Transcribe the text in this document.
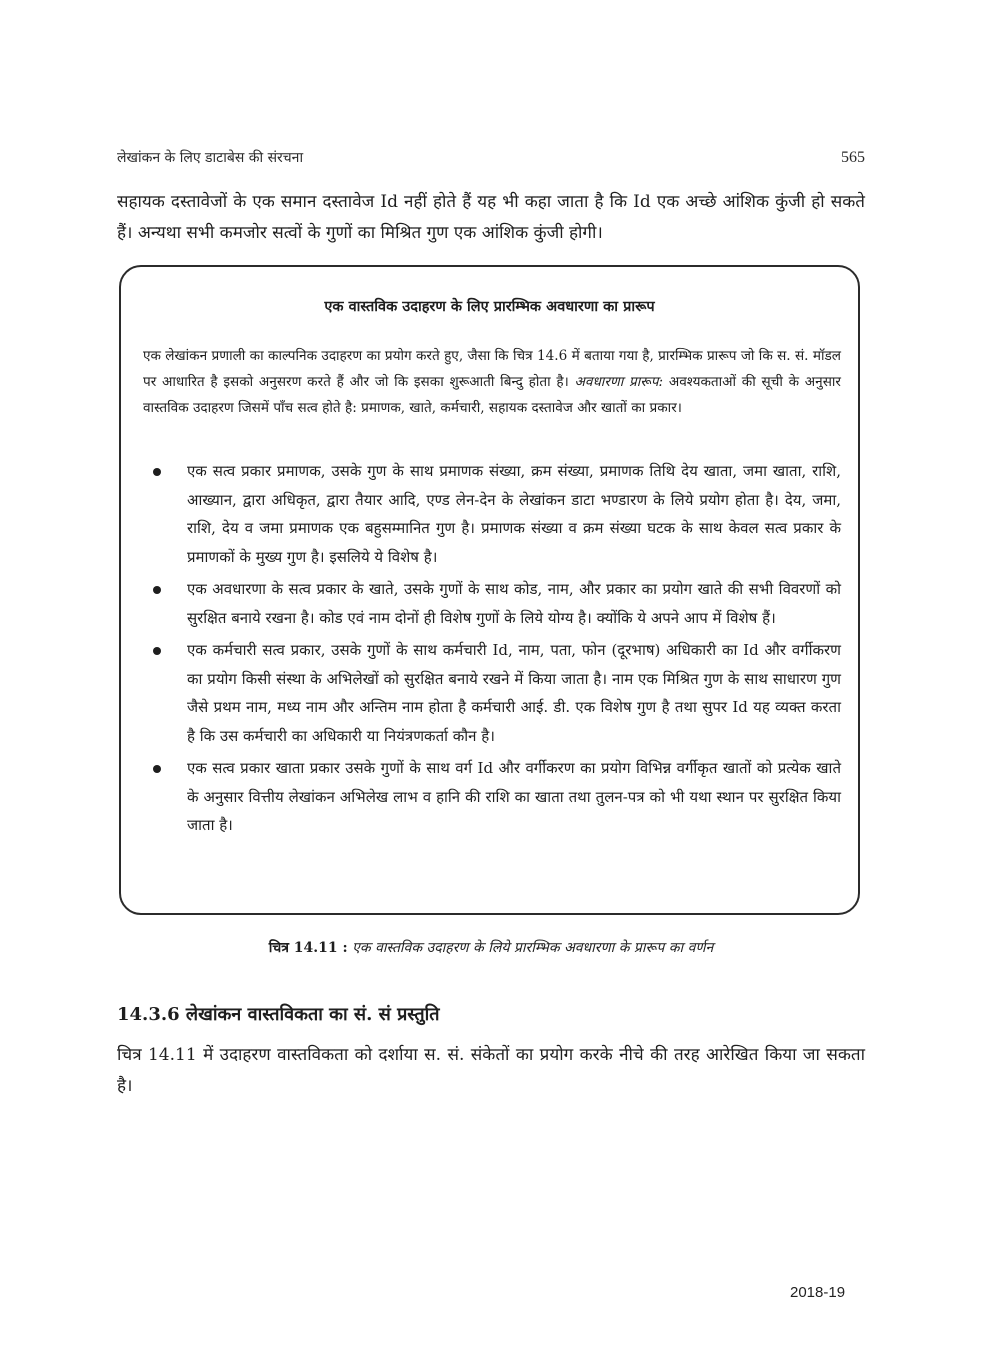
लेखांकन के लिए डाटाबेस की संरचना	565

सहायक दस्तावेजों के एक समान दस्तावेज Id नहीं होते हैं यह भी कहा जाता है कि Id एक अच्छे आंशिक कुंजी हो सकते हैं। अन्यथा सभी कमजोर सत्वों के गुणों का मिश्रित गुण एक आंशिक कुंजी होगी।

एक वास्तविक उदाहरण के लिए प्रारम्भिक अवधारणा का प्रारूप

एक लेखांकन प्रणाली का काल्पनिक उदाहरण का प्रयोग करते हुए, जैसा कि चित्र 14.6 में बताया गया है, प्रारम्भिक प्रारूप जो कि स. सं. मॉडल पर आधारित है इसको अनुसरण करते हैं और जो कि इसका शुरूआती बिन्दु होता है। अवधारणा प्रारूप: अवश्यकताओं की सूची के अनुसार वास्तविक उदाहरण जिसमें पाँच सत्व होते है: प्रमाणक, खाते, कर्मचारी, सहायक दस्तावेज और खातों का प्रकार।

एक सत्व प्रकार प्रमाणक, उसके गुण के साथ प्रमाणक संख्या, क्रम संख्या, प्रमाणक तिथि देय खाता, जमा खाता, राशि, आख्यान, द्वारा अधिकृत, द्वारा तैयार आदि, एण्ड लेन-देन के लेखांकन डाटा भण्डारण के लिये प्रयोग होता है। देय, जमा, राशि, देय व जमा प्रमाणक एक बहुसम्मानित गुण है। प्रमाणक संख्या व क्रम संख्या घटक के साथ केवल सत्व प्रकार के प्रमाणकों के मुख्य गुण है। इसलिये ये विशेष है।
एक अवधारणा के सत्व प्रकार के खाते, उसके गुणों के साथ कोड, नाम, और प्रकार का प्रयोग खाते की सभी विवरणों को सुरक्षित बनाये रखना है। कोड एवं नाम दोनों ही विशेष गुणों के लिये योग्य है। क्योंकि ये अपने आप में विशेष हैं।
एक कर्मचारी सत्व प्रकार, उसके गुणों के साथ कर्मचारी Id, नाम, पता, फोन (दूरभाष) अधिकारी का Id और वर्गीकरण का प्रयोग किसी संस्था के अभिलेखों को सुरक्षित बनाये रखने में किया जाता है। नाम एक मिश्रित गुण के साथ साधारण गुण जैसे प्रथम नाम, मध्य नाम और अन्तिम नाम होता है कर्मचारी आई. डी. एक विशेष गुण है तथा सुपर Id यह व्यक्त करता है कि उस कर्मचारी का अधिकारी या नियंत्रणकर्ता कौन है।
एक सत्व प्रकार खाता प्रकार उसके गुणों के साथ वर्ग Id और वर्गीकरण का प्रयोग विभिन्न वर्गीकृत खातों को प्रत्येक खाते के अनुसार वित्तीय लेखांकन अभिलेख लाभ व हानि की राशि का खाता तथा तुलन-पत्र को भी यथा स्थान पर सुरक्षित किया जाता है।
चित्र 14.11 : एक वास्तविक उदाहरण के लिये प्रारम्भिक अवधारणा के प्रारूप का वर्णन
14.3.6 लेखांकन वास्तविकता का सं. सं प्रस्तुति

चित्र 14.11 में उदाहरण वास्तविकता को दर्शाया स. सं. संकेतों का प्रयोग करके नीचे की तरह आरेखित किया जा सकता है।

2018-19
